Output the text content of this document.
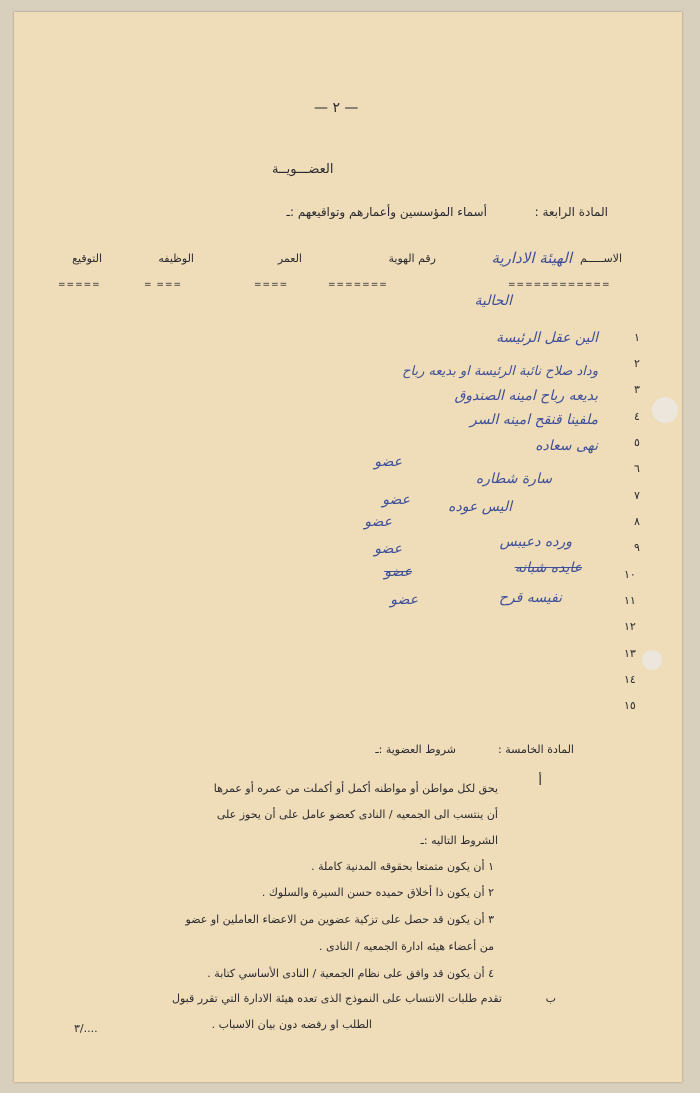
— ٢ —
العضـــويــة
المادة الرابعة :  أسماء المؤسسين وأعمارهم وتواقيعهم :ـ
الاســـــم
الهيئة الادارية
رقم الهوية
العمر
الوظيفه
التوقيع
============
=======
====
= ===
=====
الحالية
١
٢
٣
٤
٥
٦
٧
٨
٩
١٠
١١
١٢
١٣
١٤
١٥
الين عقل الرئيسة
وداد صلاح نائبة الرئيسة او بديعه رباح
بديعه رباح امينه الصندوق
ملفينا قنقح امينه السر
نهى سعاده
عضو
سارة شطاره
عضو	اليس عوده
عضو
ورده دعيبس
عضو
عايده شبانه
عضو
نفيسه قرح
عضو
المادة الخامسة :
شروط العضوية :ـ
أ
يحق لكل مواطن أو مواطنه أكمل أو أكملت من عمره أو عمرها
أن ينتسب الى الجمعيه / النادى كعضو عامل على أن يحوز على
الشروط التاليه :ـ
١ أن يكون متمتعا بحقوقه المدنية كاملة .
٢ أن يكون ذا أخلاق حميده حسن السيرة والسلوك .
٣ أن يكون قد حصل على تزكية عضوين من الاعضاء العاملين او عضو
من أعضاء هيئه ادارة الجمعيه / النادى .
٤ أن يكون قد وافق على نظام الجمعية / النادى الأساسي كتابة .
ب
تقدم طلبات الانتساب على النموذج الذى تعده هيئة الادارة التي تقرر قبول
الطلب او رفضه دون بيان الاسباب .
٣/....
